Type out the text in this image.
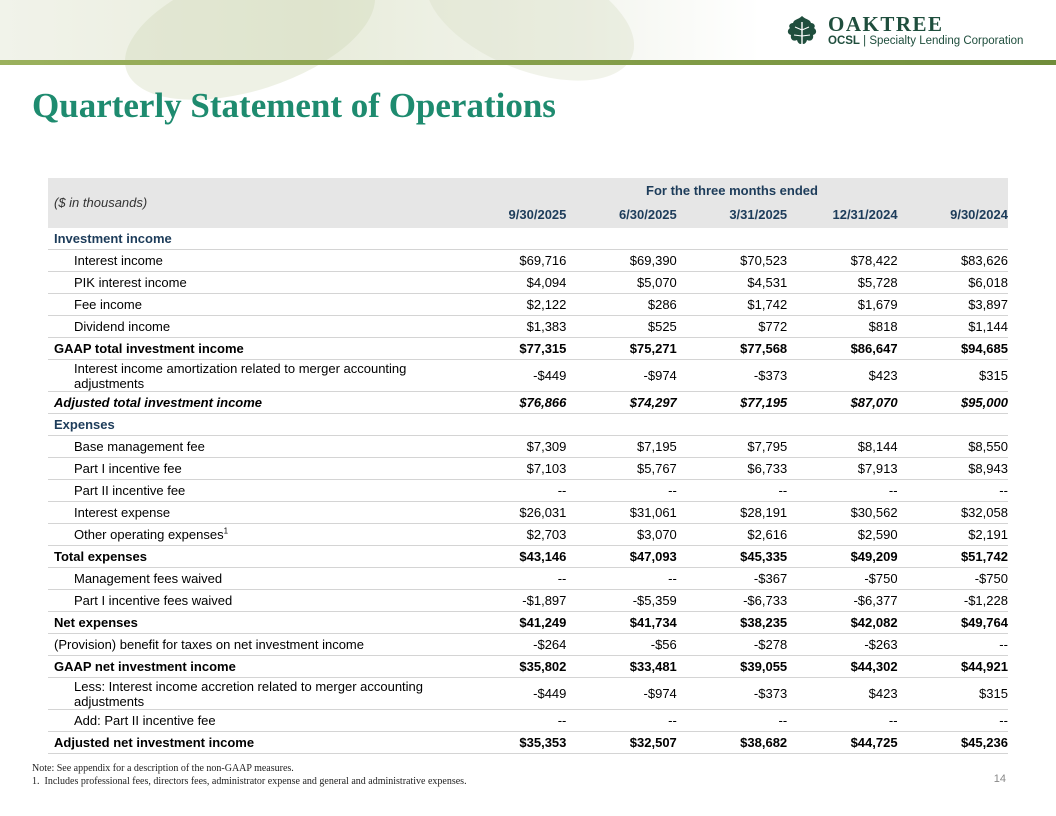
OAKTREE
OCSL | Specialty Lending Corporation
Quarterly Statement of Operations
($ in thousands)
For the three months ended
9/30/2025	6/30/2025	3/31/2025	12/31/2024	9/30/2024
Investment income
Interest income	$69,716	$69,390	$70,523	$78,422	$83,626
PIK interest income	$4,094	$5,070	$4,531	$5,728	$6,018
Fee income	$2,122	$286	$1,742	$1,679	$3,897
Dividend income	$1,383	$525	$772	$818	$1,144
GAAP total investment income	$77,315	$75,271	$77,568	$86,647	$94,685
Interest income amortization related to merger accounting adjustments	-$449	-$974	-$373	$423	$315
Adjusted total investment income	$76,866	$74,297	$77,195	$87,070	$95,000
Expenses
Base management fee	$7,309	$7,195	$7,795	$8,144	$8,550
Part I incentive fee	$7,103	$5,767	$6,733	$7,913	$8,943
Part II incentive fee	--	--	--	--	--
Interest expense	$26,031	$31,061	$28,191	$30,562	$32,058
Other operating expenses$^1$	$2,703	$3,070	$2,616	$2,590	$2,191
Total expenses	$43,146	$47,093	$45,335	$49,209	$51,742
Management fees waived	--	--	-$367	-$750	-$750
Part I incentive fees waived	-$1,897	-$5,359	-$6,733	-$6,377	-$1,228
Net expenses	$41,249	$41,734	$38,235	$42,082	$49,764
(Provision) benefit for taxes on net investment income	-$264	-$56	-$278	-$263	--
GAAP net investment income	$35,802	$33,481	$39,055	$44,302	$44,921
Less: Interest income accretion related to merger accounting adjustments	-$449	-$974	-$373	$423	$315
Add: Part II incentive fee	--	--	--	--	--
Adjusted net investment income	$35,353	$32,507	$38,682	$44,725	$45,236
Note: See appendix for a description of the non-GAAP measures.
1. Includes professional fees, directors fees, administrator expense and general and administrative expenses.	14
